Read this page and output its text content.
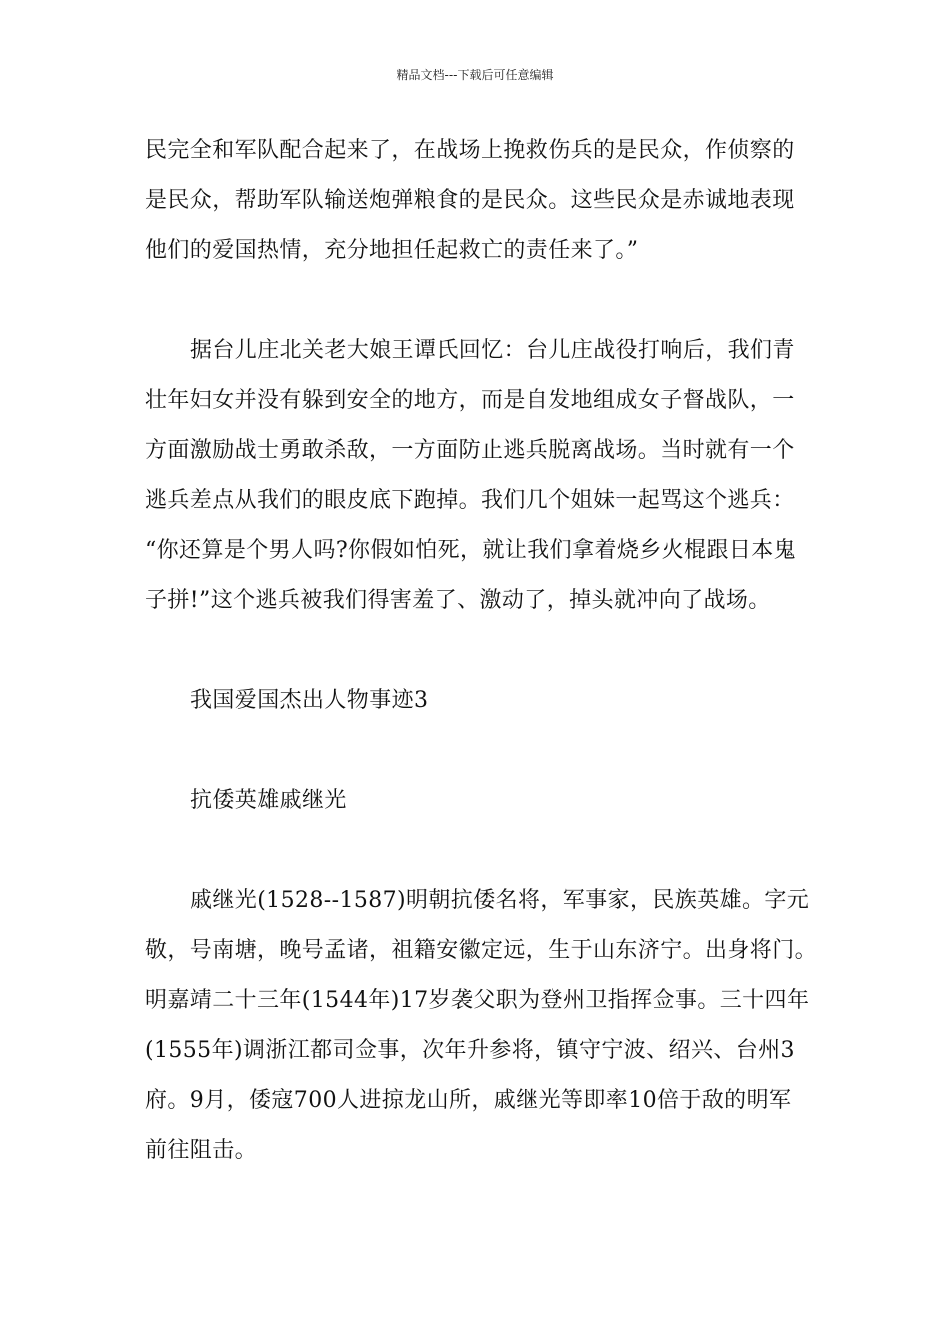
精品文档---下载后可任意编辑
民完全和军队配合起来了，在战场上挽救伤兵的是民众，作侦察的
是民众，帮助军队输送炮弹粮食的是民众。这些民众是赤诚地表现
他们的爱国热情，充分地担任起救亡的责任来了。”
据台儿庄北关老大娘王谭氏回忆：台儿庄战役打响后，我们青
壮年妇女并没有躲到安全的地方，而是自发地组成女子督战队，一
方面激励战士勇敢杀敌，一方面防止逃兵脱离战场。当时就有一个
逃兵差点从我们的眼皮底下跑掉。我们几个姐妹一起骂这个逃兵：
“你还算是个男人吗?你假如怕死，就让我们拿着烧乡火棍跟日本鬼
子拼!”这个逃兵被我们得害羞了、激动了，掉头就冲向了战场。
我国爱国杰出人物事迹3
抗倭英雄戚继光
戚继光(1528--1587)明朝抗倭名将，军事家，民族英雄。字元
敬，号南塘，晚号孟诸，祖籍安徽定远，生于山东济宁。出身将门。
明嘉靖二十三年(1544年)17岁袭父职为登州卫指挥佥事。三十四年
(1555年)调浙江都司佥事，次年升参将，镇守宁波、绍兴、台州3
府。9月，倭寇700人进掠龙山所，戚继光等即率10倍于敌的明军
前往阻击。
